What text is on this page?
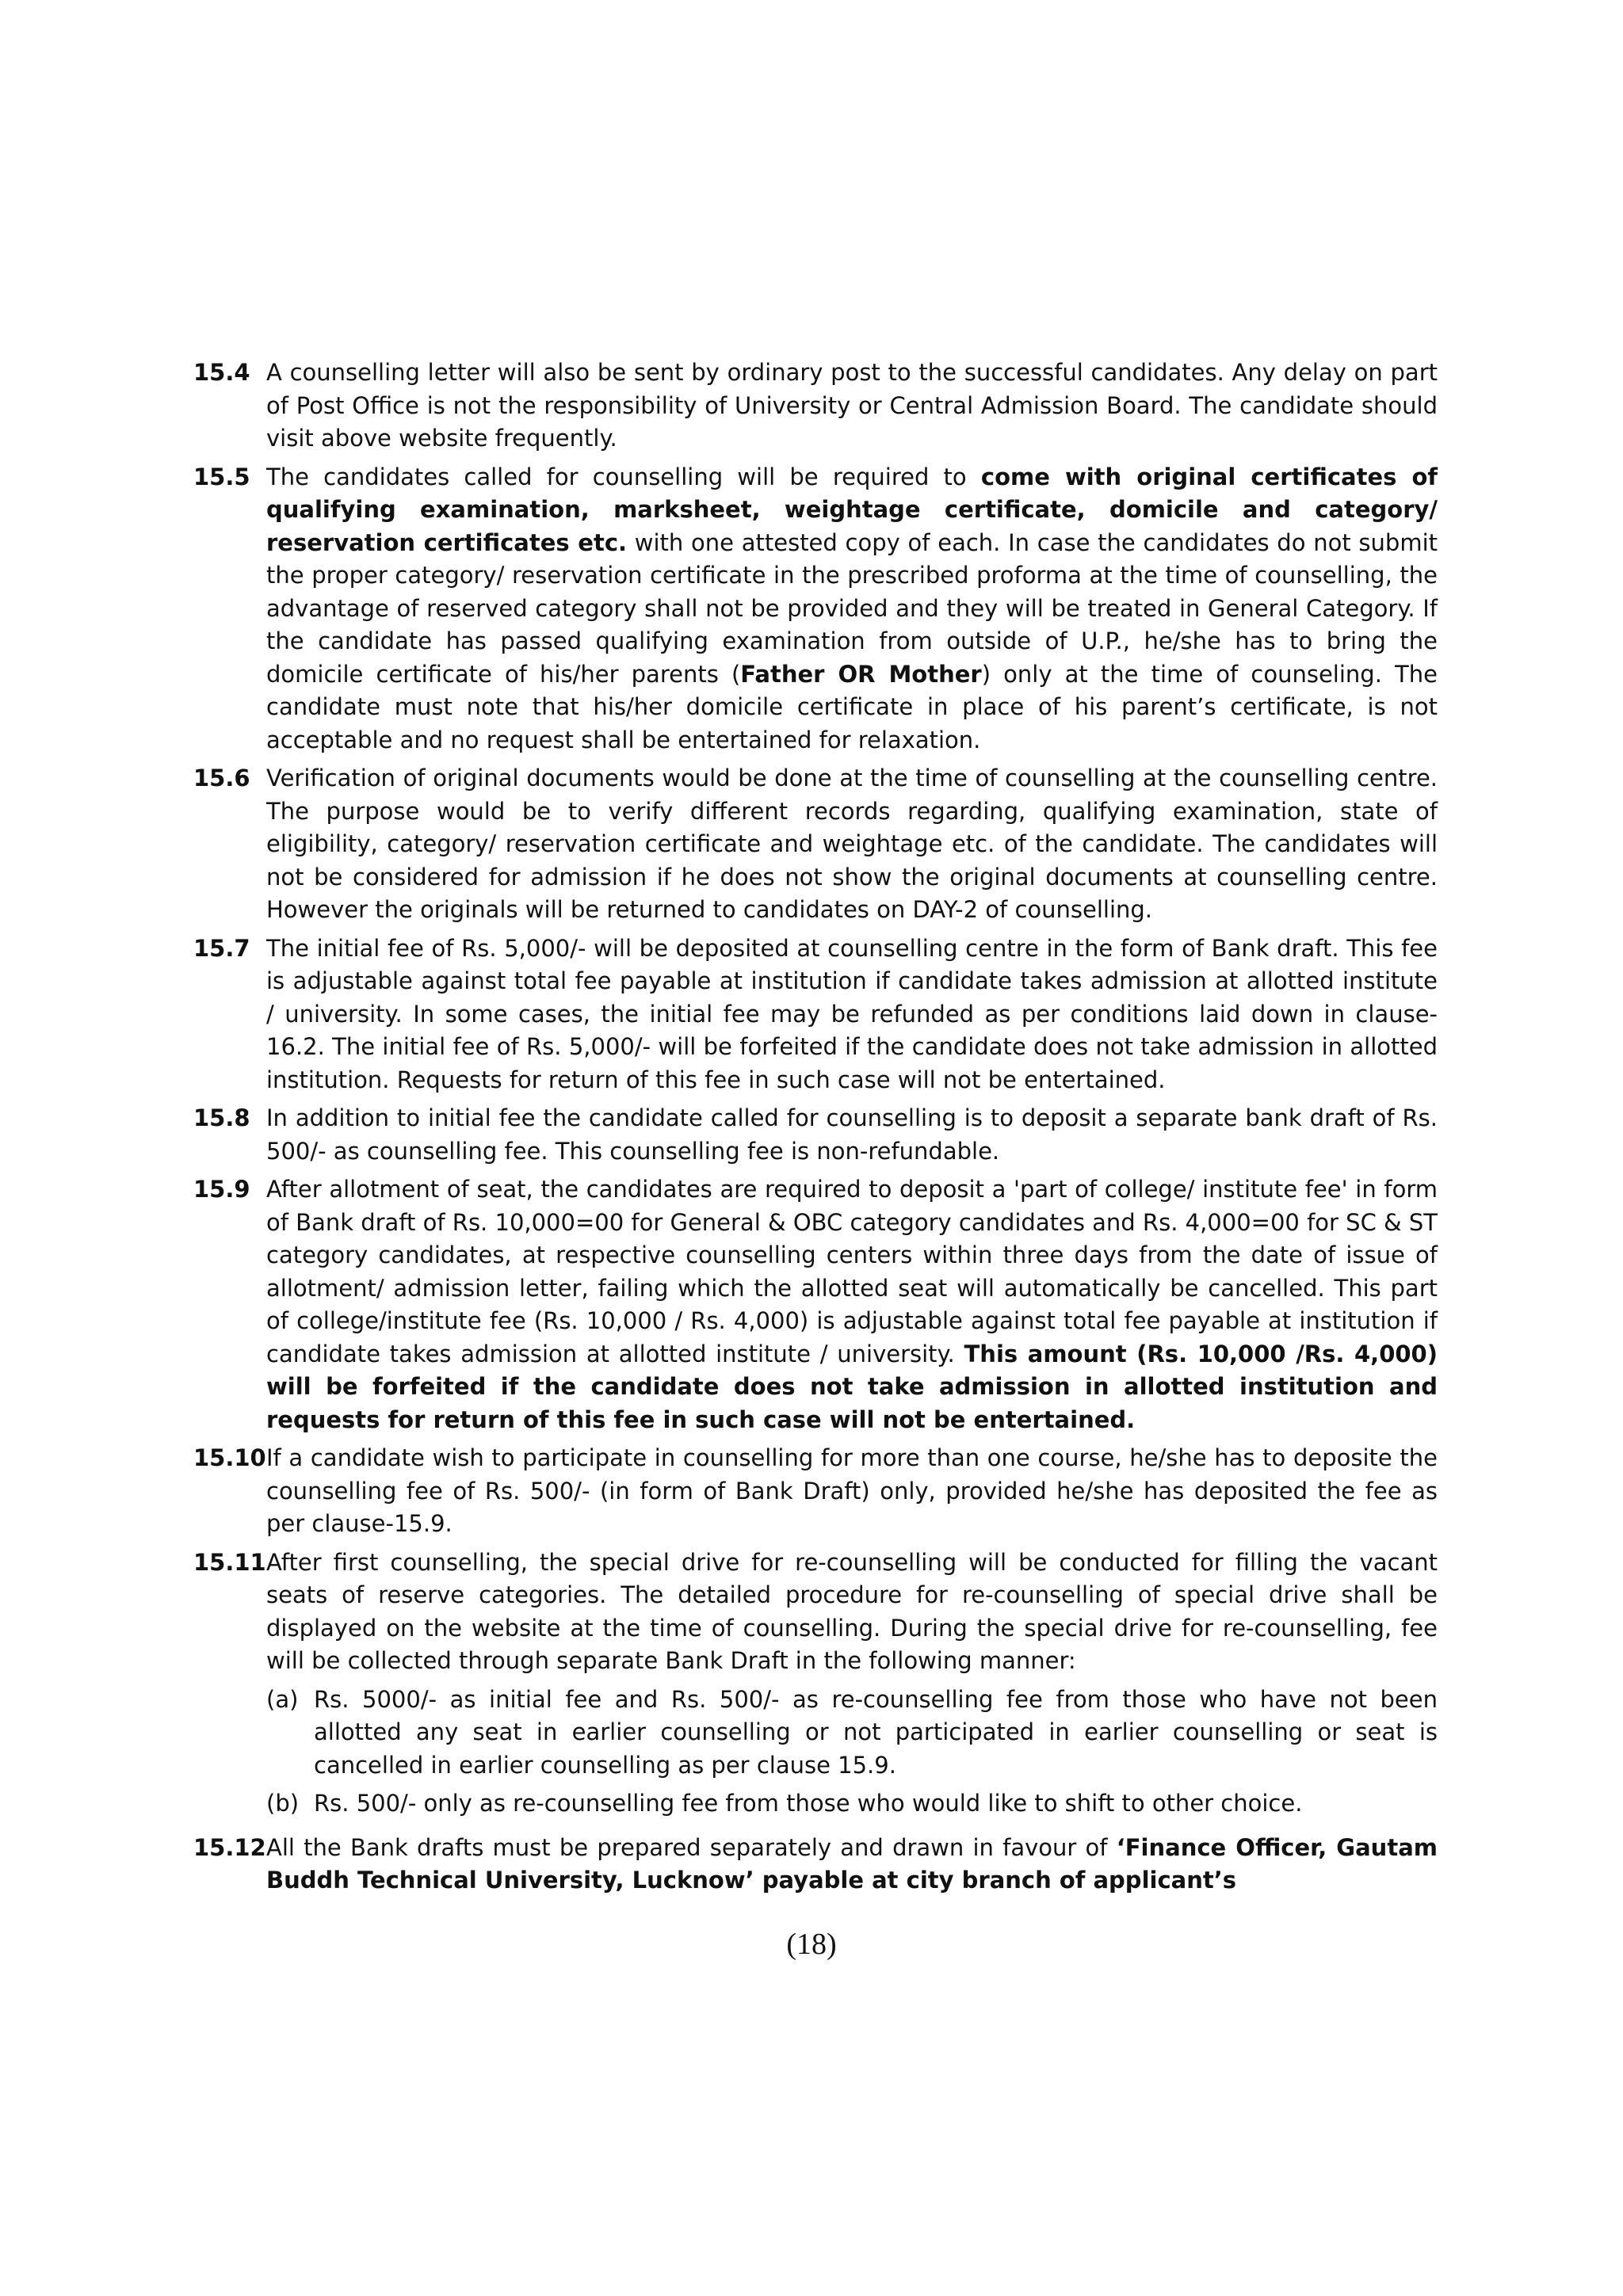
15.4 A counselling letter will also be sent by ordinary post to the successful candidates. Any delay on part of Post Office is not the responsibility of University or Central Admission Board. The candidate should visit above website frequently.
15.5 The candidates called for counselling will be required to come with original certificates of qualifying examination, marksheet, weightage certificate, domicile and category/ reservation certificates etc. with one attested copy of each. In case the candidates do not submit the proper category/ reservation certificate in the prescribed proforma at the time of counselling, the advantage of reserved category shall not be provided and they will be treated in General Category. If the candidate has passed qualifying examination from outside of U.P., he/she has to bring the domicile certificate of his/her parents (Father OR Mother) only at the time of counseling. The candidate must note that his/her domicile certificate in place of his parent’s certificate, is not acceptable and no request shall be entertained for relaxation.
15.6 Verification of original documents would be done at the time of counselling at the counselling centre. The purpose would be to verify different records regarding, qualifying examination, state of eligibility, category/ reservation certificate and weightage etc. of the candidate. The candidates will not be considered for admission if he does not show the original documents at counselling centre. However the originals will be returned to candidates on DAY-2 of counselling.
15.7 The initial fee of Rs. 5,000/- will be deposited at counselling centre in the form of Bank draft. This fee is adjustable against total fee payable at institution if candidate takes admission at allotted institute / university. In some cases, the initial fee may be refunded as per conditions laid down in clause-16.2. The initial fee of Rs. 5,000/- will be forfeited if the candidate does not take admission in allotted institution. Requests for return of this fee in such case will not be entertained.
15.8 In addition to initial fee the candidate called for counselling is to deposit a separate bank draft of Rs. 500/- as counselling fee. This counselling fee is non-refundable.
15.9 After allotment of seat, the candidates are required to deposit a 'part of college/ institute fee' in form of Bank draft of Rs. 10,000=00 for General & OBC category candidates and Rs. 4,000=00 for SC & ST category candidates, at respective counselling centers within three days from the date of issue of allotment/ admission letter, failing which the allotted seat will automatically be cancelled. This part of college/institute fee (Rs. 10,000 / Rs. 4,000) is adjustable against total fee payable at institution if candidate takes admission at allotted institute / university. This amount (Rs. 10,000 /Rs. 4,000) will be forfeited if the candidate does not take admission in allotted institution and requests for return of this fee in such case will not be entertained.
15.10 If a candidate wish to participate in counselling for more than one course, he/she has to deposite the counselling fee of Rs. 500/- (in form of Bank Draft) only, provided he/she has deposited the fee as per clause-15.9.
15.11 After first counselling, the special drive for re-counselling will be conducted for filling the vacant seats of reserve categories. The detailed procedure for re-counselling of special drive shall be displayed on the website at the time of counselling. During the special drive for re-counselling, fee will be collected through separate Bank Draft in the following manner:
(a) Rs. 5000/- as initial fee and Rs. 500/- as re-counselling fee from those who have not been allotted any seat in earlier counselling or not participated in earlier counselling or seat is cancelled in earlier counselling as per clause 15.9.
(b) Rs. 500/- only as re-counselling fee from those who would like to shift to other choice.
15.12 All the Bank drafts must be prepared separately and drawn in favour of ‘Finance Officer, Gautam Buddh Technical University, Lucknow’ payable at city branch of applicant’s
(18)
